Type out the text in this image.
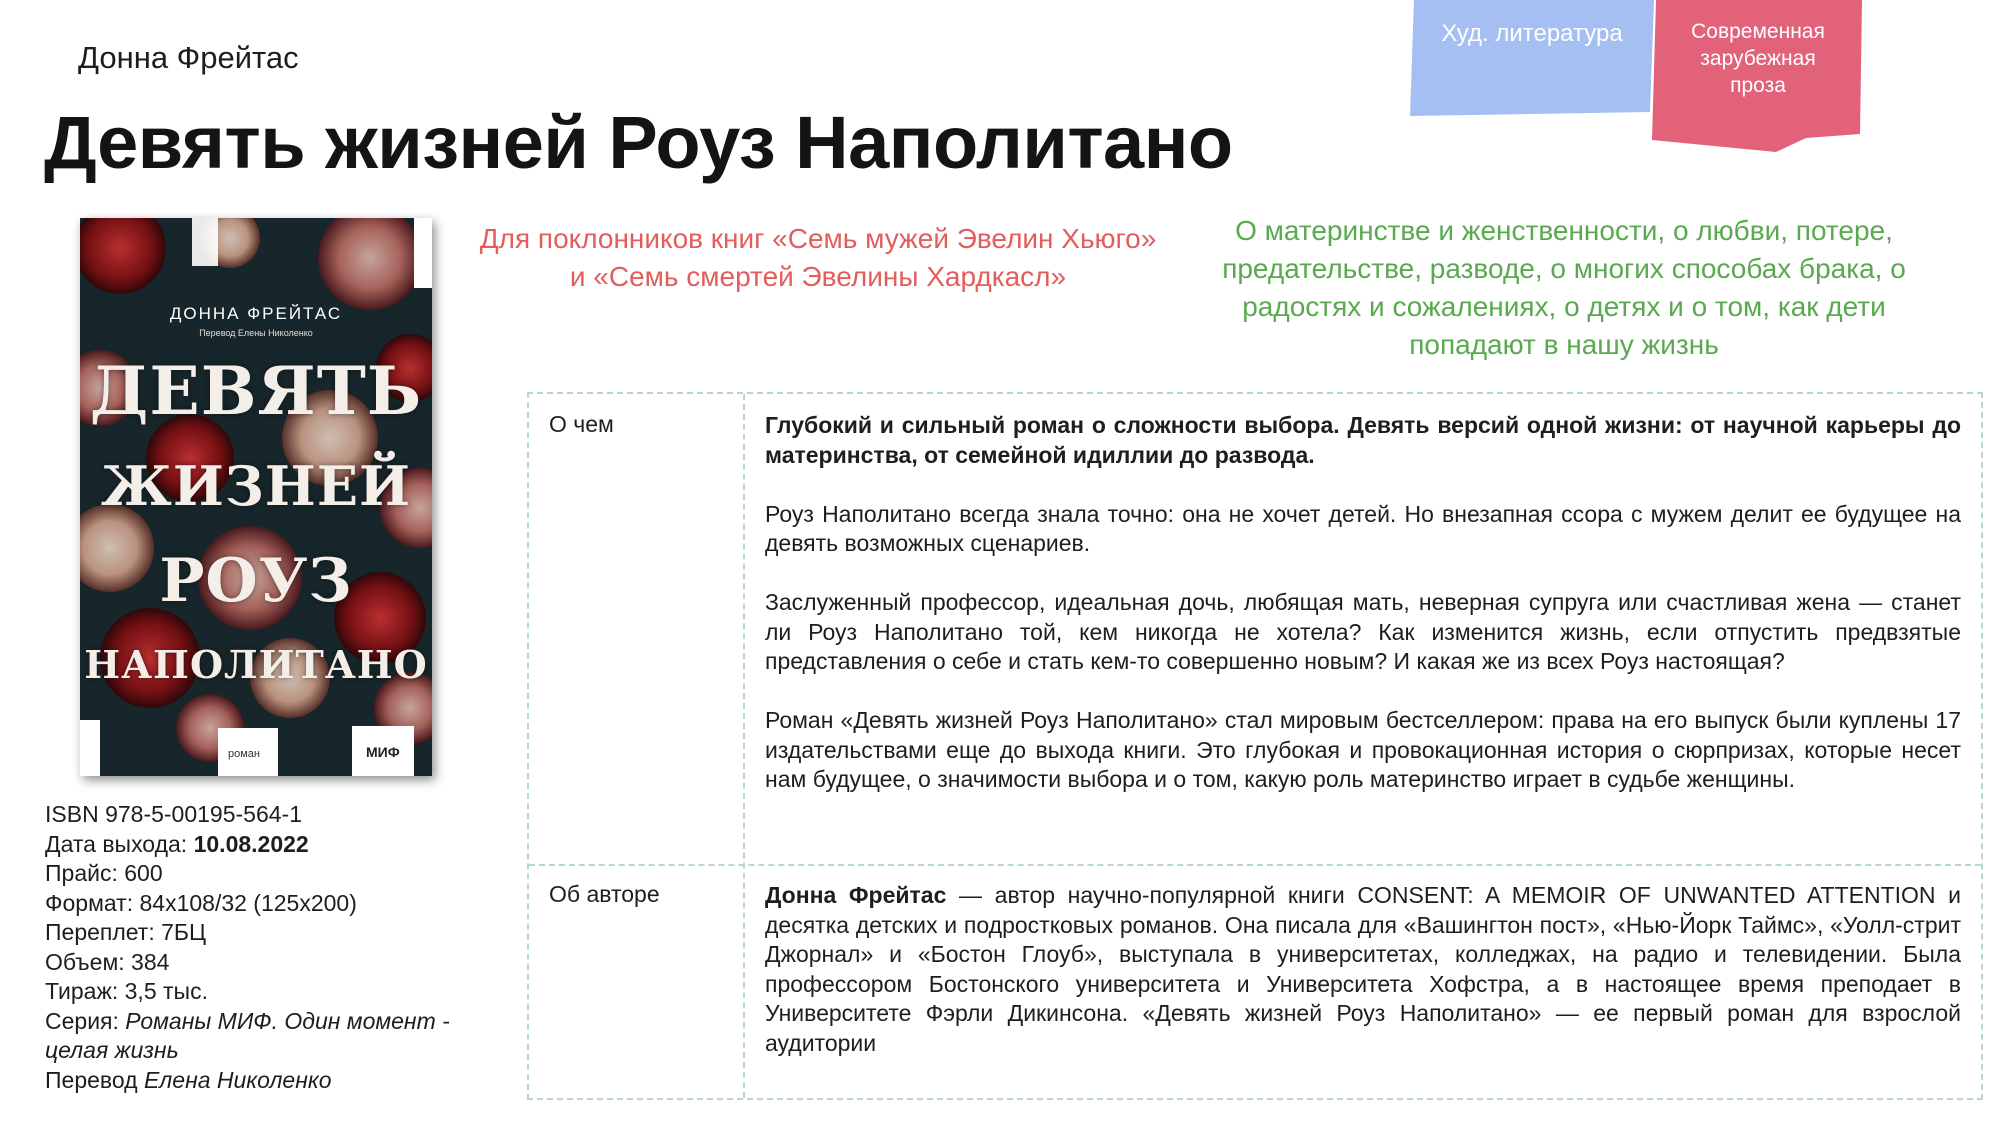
Донна Фрейтас
Девять жизней Роуз Наполитано
Худ. литература	Современная
зарубежная
проза
ДОННА ФРЕЙТАС
Перевод Елены Николенко
ДЕВЯТЬ
ЖИЗНЕЙ
РОУЗ
НАПОЛИТАНО
роман	МИФ
ISBN 978-5-00195-564-1
Дата выхода: 10.08.2022
Прайс: 600
Формат: 84х108/32 (125х200)
Переплет: 7БЦ
Объем: 384
Тираж: 3,5 тыс.
Серия: Романы МИФ. Один момент - целая жизнь
Перевод Елена Николенко
Для поклонников книг «Семь мужей Эвелин Хьюго» и «Семь смертей Эвелины Хардкасл»
О материнстве и женственности, о любви, потере, предательстве, разводе, о многих способах брака, о радостях и сожалениях, о детях и о том, как дети попадают в нашу жизнь
О чем	Глубокий и сильный роман о сложности выбора. Девять версий одной жизни: от научной карьеры до материнства, от семейной идиллии до развода.

Роуз Наполитано всегда знала точно: она не хочет детей. Но внезапная ссора с мужем делит ее будущее на девять возможных сценариев.

Заслуженный профессор, идеальная дочь, любящая мать, неверная супруга или счастливая жена — станет ли Роуз Наполитано той, кем никогда не хотела? Как изменится жизнь, если отпустить предвзятые представления о себе и стать кем-то совершенно новым? И какая же из всех Роуз настоящая?

Роман «Девять жизней Роуз Наполитано» стал мировым бестселлером: права на его выпуск были куплены 17 издательствами еще до выхода книги. Это глубокая и провокационная история о сюрпризах, которые несет нам будущее, о значимости выбора и о том, какую роль материнство играет в судьбе женщины.

Об авторе	Донна Фрейтас — автор научно-популярной книги CONSENT: A MEMOIR OF UNWANTED ATTENTION и десятка детских и подростковых романов. Она писала для «Вашингтон пост», «Нью-Йорк Таймс», «Уолл-стрит Джорнал» и «Бостон Глоуб», выступала в университетах, колледжах, на радио и телевидении. Была профессором Бостонского университета и Университета Хофстра, а в настоящее время преподает в Университете Фэрли Дикинсона. «Девять жизней Роуз Наполитано» — ее первый роман для взрослой аудитории
